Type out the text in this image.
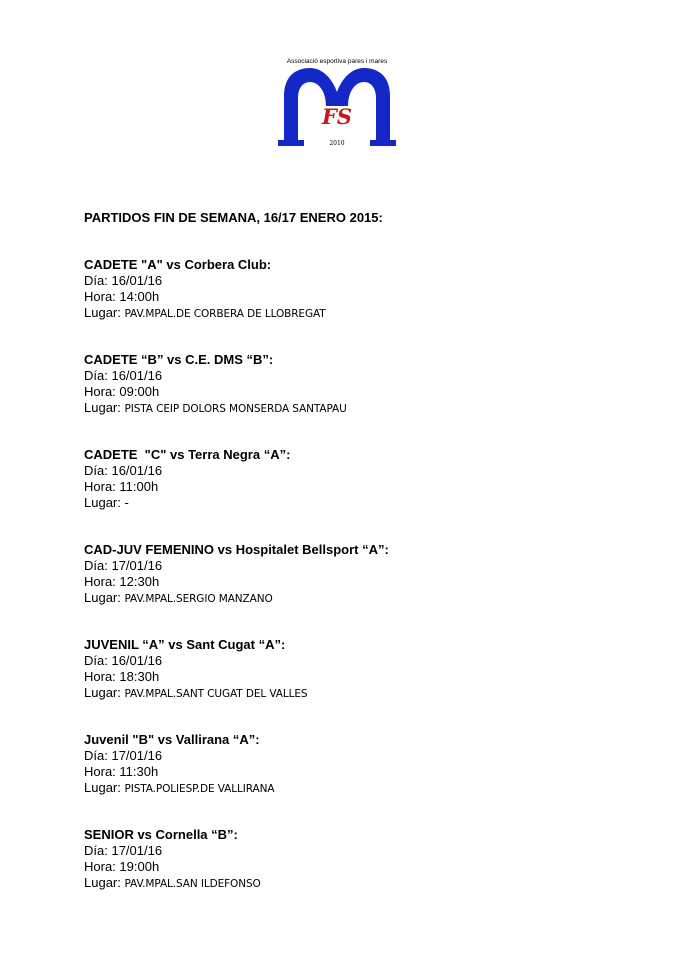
Associació esportiva pares i mares
FS
2010
PARTIDOS FIN DE SEMANA, 16/17 ENERO 2015:
CADETE "A" vs Corbera Club:
Día: 16/01/16
Hora: 14:00h
Lugar: PAV.MPAL.DE CORBERA DE LLOBREGAT
CADETE “B” vs C.E. DMS “B”:
Día: 16/01/16
Hora: 09:00h
Lugar: PISTA CEIP DOLORS MONSERDA SANTAPAU
CADETE  "C" vs Terra Negra “A”:
Día: 16/01/16
Hora: 11:00h
Lugar: -
CAD-JUV FEMENINO vs Hospitalet Bellsport “A”:
Día: 17/01/16
Hora: 12:30h
Lugar: PAV.MPAL.SERGIO MANZANO
JUVENIL “A” vs Sant Cugat “A”:
Día: 16/01/16
Hora: 18:30h
Lugar: PAV.MPAL.SANT CUGAT DEL VALLES
Juvenil "B" vs Vallirana “A”:
Día: 17/01/16
Hora: 11:30h
Lugar: PISTA.POLIESP.DE VALLIRANA
SENIOR vs Cornella “B”:
Día: 17/01/16
Hora: 19:00h
Lugar: PAV.MPAL.SAN ILDEFONSO
